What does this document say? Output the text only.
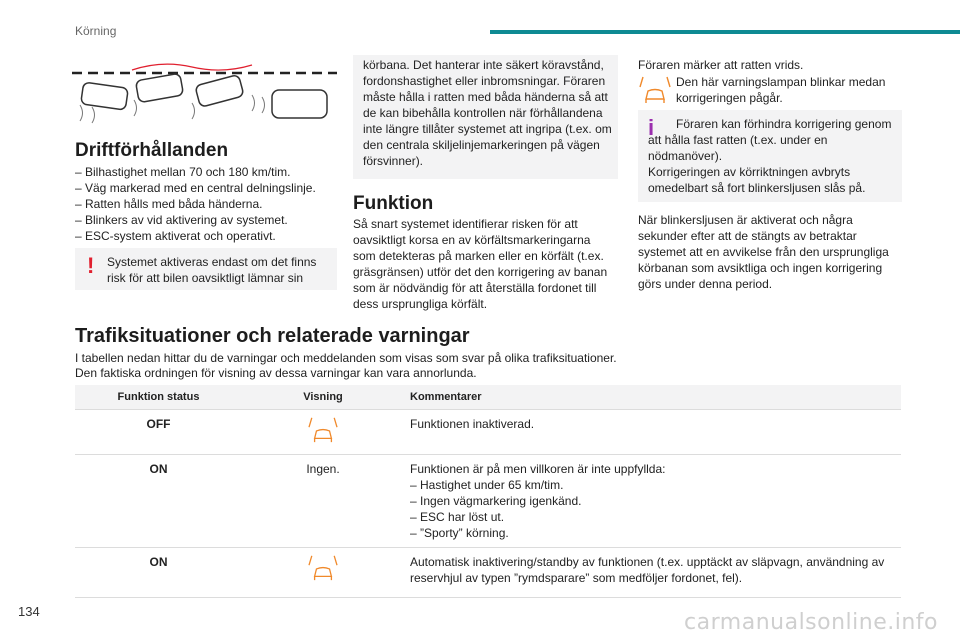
Körning
Driftförhållanden
– Bilhastighet mellan 70 och 180 km/tim.
– Väg markerad med en central delningslinje.
– Ratten hålls med båda händerna.
– Blinkers av vid aktivering av systemet.
– ESC-system aktiverat och operativt.
! Systemet aktiveras endast om det finns risk för att bilen oavsiktligt lämnar sin
körbana. Det hanterar inte säkert köravstånd, fordonshastighet eller inbromsningar. Föraren måste hålla i ratten med båda händerna så att de kan bibehålla kontrollen när förhållandena inte längre tillåter systemet att ingripa (t.ex. om den centrala skiljelinjemarkeringen på vägen försvinner).
Funktion
Så snart systemet identifierar risken för att oavsiktligt korsa en av körfältsmarkeringarna som detekteras på marken eller en körfält (t.ex. gräsgränsen) utför det den korrigering av banan som är nödvändig för att återställa fordonet till dess ursprungliga körfält.
Föraren märker att ratten vrids.
Den här varningslampan blinkar medan korrigeringen pågår.
i	Föraren kan förhindra korrigering genom att hålla fast ratten (t.ex. under en nödmanöver).
Korrigeringen av körriktningen avbryts omedelbart så fort blinkersljusen slås på.
När blinkersljusen är aktiverat och några sekunder efter att de stängts av betraktar systemet att en avvikelse från den ursprungliga körbanan som avsiktliga och ingen korrigering görs under denna period.
Trafiksituationer och relaterade varningar
I tabellen nedan hittar du de varningar och meddelanden som visas som svar på olika trafiksituationer.
Den faktiska ordningen för visning av dessa varningar kan vara annorlunda.
Funktion status	Visning	Kommentarer
OFF		Funktionen inaktiverad.
ON	Ingen.	Funktionen är på men villkoren är inte uppfyllda:
– Hastighet under 65 km/tim.
– Ingen vägmarkering igenkänd.
– ESC har löst ut.
– ”Sporty” körning.

ON		Automatisk inaktivering/standby av funktionen (t.ex. upptäckt av släpvagn, användning av reservhjul av typen ”rymdsparare” som medföljer fordonet, fel).
134	carmanualsonline.info
